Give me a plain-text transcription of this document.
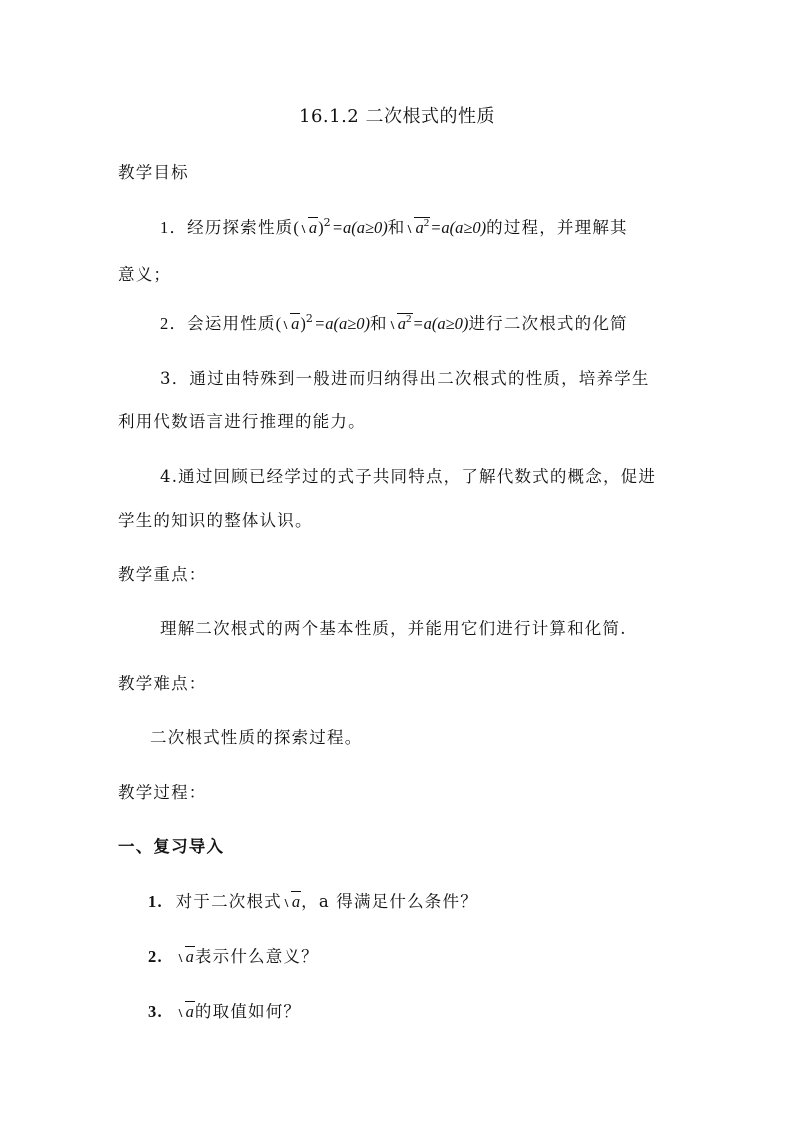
16.1.2 二次根式的性质
教学目标
1．经历探索性质( a)$^2$=a(a≥0)和 $a^2=a(a\ge 0)$的过程，并理解其
意义；
2．会运用性质( a)$^2$=a(a≥0)和 $a^2=a(a\ge 0)$进行二次根式的化简
3．通过由特殊到一般进而归纳得出二次根式的性质，培养学生
利用代数语言进行推理的能力。
4.通过回顾已经学过的式子共同特点，了解代数式的概念，促进
学生的知识的整体认识。
教学重点：
理解二次根式的两个基本性质，并能用它们进行计算和化简.
教学难点：
二次根式性质的探索过程。
教学过程：
一、复习导入
1. 对于二次根式 a，a 得满足什么条件？
2. a表示什么意义？
3. a的取值如何？
